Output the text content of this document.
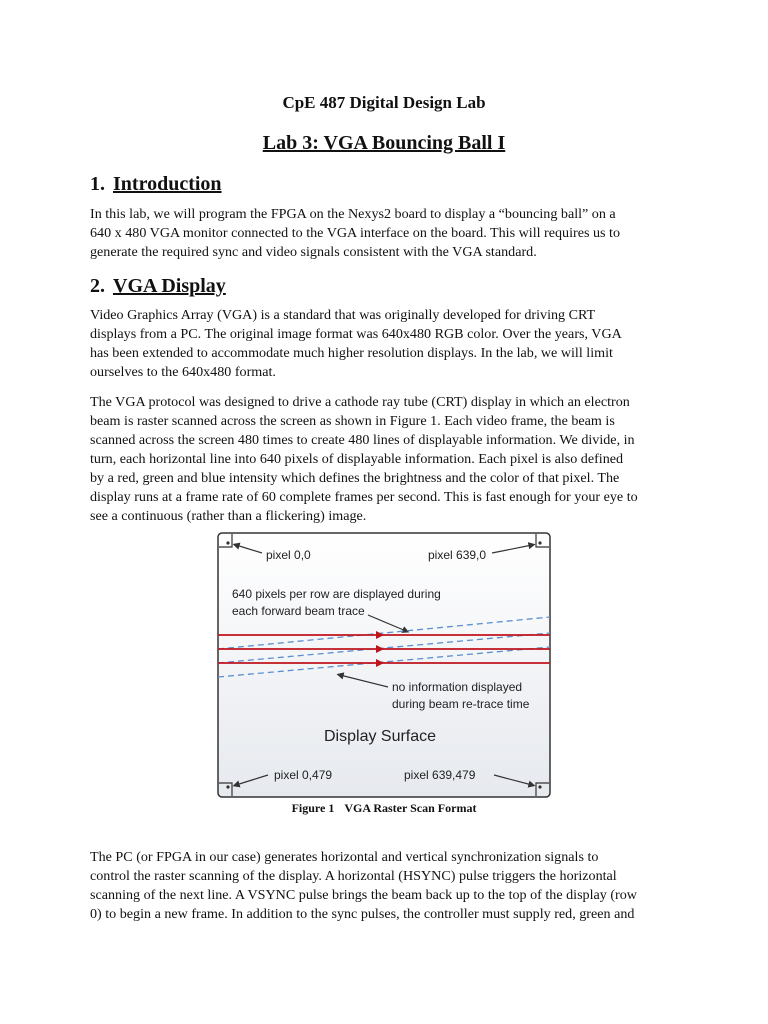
CpE 487 Digital Design Lab
Lab 3: VGA Bouncing Ball I
1. Introduction

In this lab, we will program the FPGA on the Nexys2 board to display a “bouncing ball” on a
640 x 480 VGA monitor connected to the VGA interface on the board. This will requires us to
generate the required sync and video signals consistent with the VGA standard.

2. VGA Display

Video Graphics Array (VGA) is a standard that was originally developed for driving CRT
displays from a PC. The original image format was 640x480 RGB color. Over the years, VGA
has been extended to accommodate much higher resolution displays. In the lab, we will limit
ourselves to the 640x480 format.

The VGA protocol was designed to drive a cathode ray tube (CRT) display in which an electron
beam is raster scanned across the screen as shown in Figure 1. Each video frame, the beam is
scanned across the screen 480 times to create 480 lines of displayable information. We divide, in
turn, each horizontal line into 640 pixels of displayable information. Each pixel is also defined
by a red, green and blue intensity which defines the brightness and the color of that pixel. The
display runs at a frame rate of 60 complete frames per second. This is fast enough for your eye to
see a continuous (rather than a flickering) image.

pixel 0,0	pixel 639,0
640 pixels per row are displayed during
each forward beam trace
no information displayed
during beam re-trace time
Display Surface
pixel 0,479	pixel 639,479

Figure 1 VGA Raster Scan Format

The PC (or FPGA in our case) generates horizontal and vertical synchronization signals to
control the raster scanning of the display. A horizontal (HSYNC) pulse triggers the horizontal
scanning of the next line. A VSYNC pulse brings the beam back up to the top of the display (row
0) to begin a new frame. In addition to the sync pulses, the controller must supply red, green and
